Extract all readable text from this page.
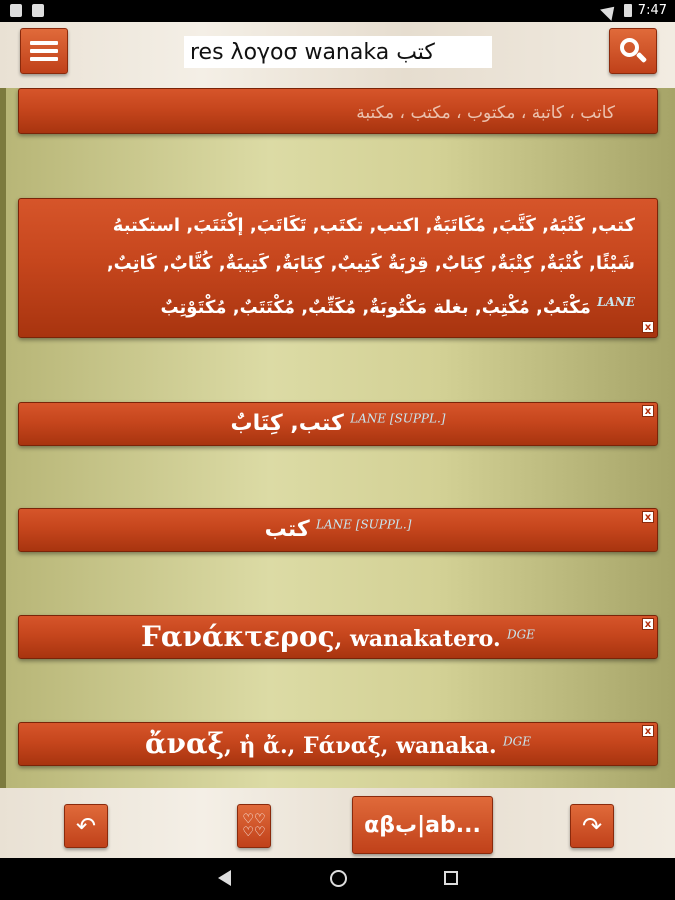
7:47
res λογοσ wanaka كتب
كاتب ، كاتبة ، مكتوب ، مكتب ، مكتبة
x
كتب, كَتْبَهُ, كَتَّبَ, مُكَاتَبَةٌ, اكتب, تكتَب, تَكَاتَبَ, إكْتَتَبَ, استكتبهُ
شَيْئًا, كُتْبَةٌ, كِتْبَةٌ, كِتَابٌ, قِرْبَةٌ كَتِيبٌ, كِتَابَةٌ, كَتِيبَةٌ, كُتَّابٌ, كَاتِبٌ,
$^{LANE}$ مَكْتَبٌ, مُكْتِبٌ, بغلة مَكْتُوبَةٌ, مُكَتِّبٌ, مُكْتَتَبٌ, مُكْتَوْتِبٌ
x
كتب, كِتَابٌ $^{LANE [SUPPL.]}$
x
كتب $^{LANE [SUPPL.]}$
x
Ϝανάκτερος, wanakatero. $^{DGE}$
x
ἄναξ, ἡ ἄ., Ϝάναξ, wanaka. $^{DGE}$
↶	♡♡
♡♡	αβب|ab...	↷
